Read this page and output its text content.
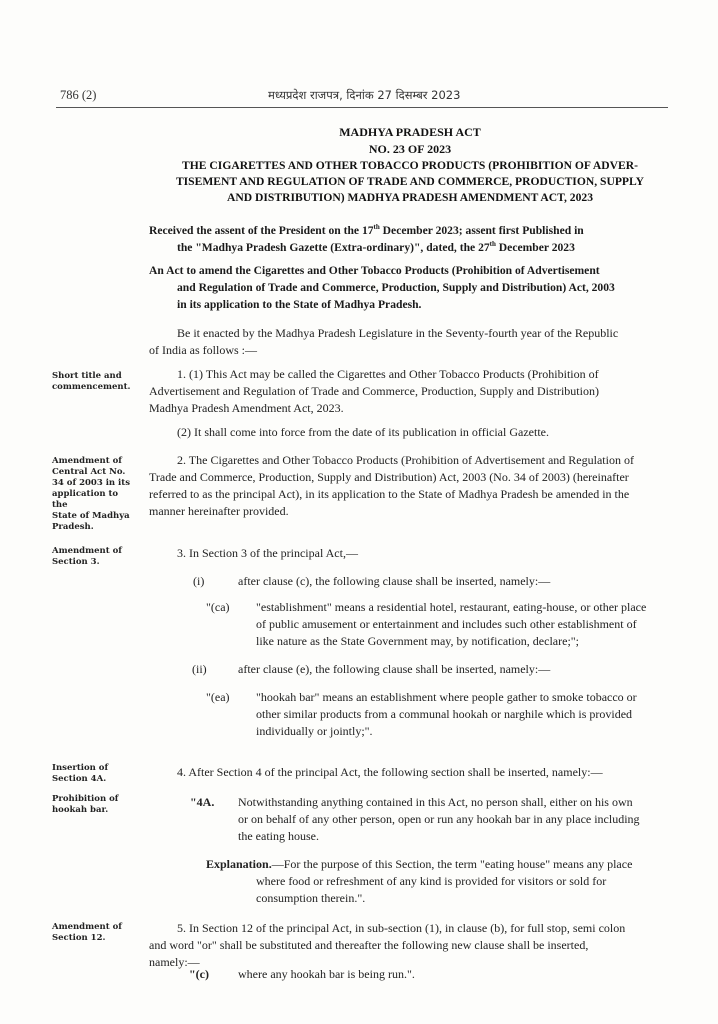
786 (2)	मध्यप्रदेश राजपत्र, दिनांक 27 दिसम्बर 2023
MADHYA PRADESH ACT
NO. 23 OF 2023
THE CIGARETTES AND OTHER TOBACCO PRODUCTS (PROHIBITION OF ADVER-
TISEMENT AND REGULATION OF TRADE AND COMMERCE, PRODUCTION, SUPPLY
AND DISTRIBUTION) MADHYA PRADESH AMENDMENT ACT, 2023
Received the assent of the President on the 17th December 2023; assent first Published in
the "Madhya Pradesh Gazette (Extra-ordinary)", dated, the 27th December 2023
An Act to amend the Cigarettes and Other Tobacco Products (Prohibition of Advertisement
and Regulation of Trade and Commerce, Production, Supply and Distribution) Act, 2003
in its application to the State of Madhya Pradesh.
Be it enacted by the Madhya Pradesh Legislature in the Seventy-fourth year of the Republic
of India as follows :—
Short title and
commencement.
Amendment of
Central Act No.
34 of 2003 in its
application to the
State of Madhya
Pradesh.
Amendment of
Section 3.
Insertion of
Section 4A.
Prohibition of
hookah bar.
Amendment of
Section 12.
1. (1) This Act may be called the Cigarettes and Other Tobacco Products (Prohibition of
Advertisement and Regulation of Trade and Commerce, Production, Supply and Distribution)
Madhya Pradesh Amendment Act, 2023.
(2) It shall come into force from the date of its publication in official Gazette.
2. The Cigarettes and Other Tobacco Products (Prohibition of Advertisement and Regulation of
Trade and Commerce, Production, Supply and Distribution) Act, 2003 (No. 34 of 2003) (hereinafter
referred to as the principal Act), in its application to the State of Madhya Pradesh be amended in the
manner hereinafter provided.
3. In Section 3 of the principal Act,—
(i)	after clause (c), the following clause shall be inserted, namely:—
"(ca) "establishment" means a residential hotel, restaurant, eating-house, or other place
of public amusement or entertainment and includes such other establishment of
like nature as the State Government may, by notification, declare;";
(ii)	after clause (e), the following clause shall be inserted, namely:—
"(ea) "hookah bar" means an establishment where people gather to smoke tobacco or
other similar products from a communal hookah or narghile which is provided
individually or jointly;".
4. After Section 4 of the principal Act, the following section shall be inserted, namely:—
"4A. Notwithstanding anything contained in this Act, no person shall, either on his own
or on behalf of any other person, open or run any hookah bar in any place including
the eating house.
Explanation.—For the purpose of this Section, the term "eating house" means any place
where food or refreshment of any kind is provided for visitors or sold for
consumption therein.".
5. In Section 12 of the principal Act, in sub-section (1), in clause (b), for full stop, semi colon
and word "or" shall be substituted and thereafter the following new clause shall be inserted,
namely:—
"(c) where any hookah bar is being run.".
